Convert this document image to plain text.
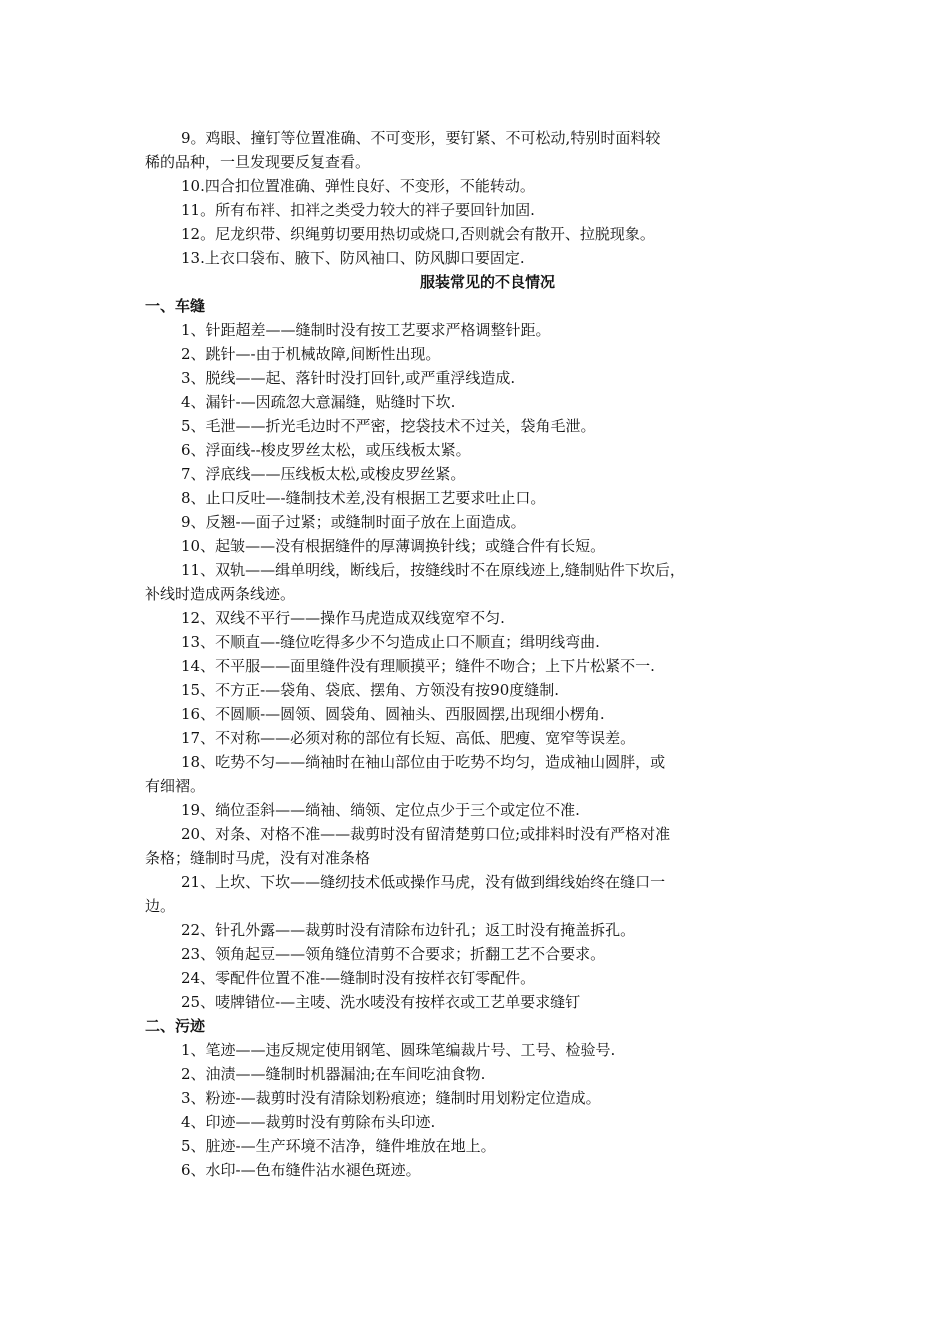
9。鸡眼、撞钉等位置准确、不可变形，要钉紧、不可松动,特别时面料较

稀的品种，一旦发现要反复查看。

10.四合扣位置准确、弹性良好、不变形，不能转动。

11。所有布袢、扣袢之类受力较大的袢子要回针加固.

12。尼龙织带、织绳剪切要用热切或烧口,否则就会有散开、拉脱现象。

13.上衣口袋布、腋下、防风袖口、防风脚口要固定.

服装常见的不良情况

一、车缝

1、针距超差——缝制时没有按工艺要求严格调整针距。

2、跳针—-由于机械故障,间断性出现。

3、脱线——起、落针时没打回针,或严重浮线造成.

4、漏针-—因疏忽大意漏缝，贴缝时下坎.

5、毛泄——折光毛边时不严密，挖袋技术不过关，袋角毛泄。

6、浮面线--梭皮罗丝太松，或压线板太紧。

7、浮底线——压线板太松,或梭皮罗丝紧。

8、止口反吐—-缝制技术差,没有根据工艺要求吐止口。

9、反翘-—面子过紧；或缝制时面子放在上面造成。

10、起皱——没有根据缝件的厚薄调换针线；或缝合件有长短。

11、双轨——缉单明线，断线后，按缝线时不在原线迹上,缝制贴件下坎后，

补线时造成两条线迹。

12、双线不平行——操作马虎造成双线宽窄不匀.

13、不顺直—-缝位吃得多少不匀造成止口不顺直；缉明线弯曲.

14、不平服——面里缝件没有理顺摸平；缝件不吻合；上下片松紧不一.

15、不方正-—袋角、袋底、摆角、方领没有按90度缝制.

16、不圆顺-—圆领、圆袋角、圆袖头、西服圆摆,出现细小楞角.

17、不对称——必须对称的部位有长短、高低、肥瘦、宽窄等误差。

18、吃势不匀——绱袖时在袖山部位由于吃势不均匀，造成袖山圆胖，或

有细褶。

19、绱位歪斜——绱袖、绱领、定位点少于三个或定位不准.

20、对条、对格不准——裁剪时没有留清楚剪口位;或排料时没有严格对准

条格；缝制时马虎，没有对准条格

21、上坎、下坎——缝纫技术低或操作马虎，没有做到缉线始终在缝口一

边。

22、针孔外露——裁剪时没有清除布边针孔；返工时没有掩盖拆孔。

23、领角起豆——领角缝位清剪不合要求；折翻工艺不合要求。

24、零配件位置不准-—缝制时没有按样衣钉零配件。

25、唛牌错位-—主唛、洗水唛没有按样衣或工艺单要求缝钉

二、污迹

1、笔迹——违反规定使用钢笔、圆珠笔编裁片号、工号、检验号.

2、油渍——缝制时机器漏油;在车间吃油食物.

3、粉迹-—裁剪时没有清除划粉痕迹；缝制时用划粉定位造成。

4、印迹——裁剪时没有剪除布头印迹.

5、脏迹-—生产环境不洁净，缝件堆放在地上。

6、水印-—色布缝件沾水褪色斑迹。
